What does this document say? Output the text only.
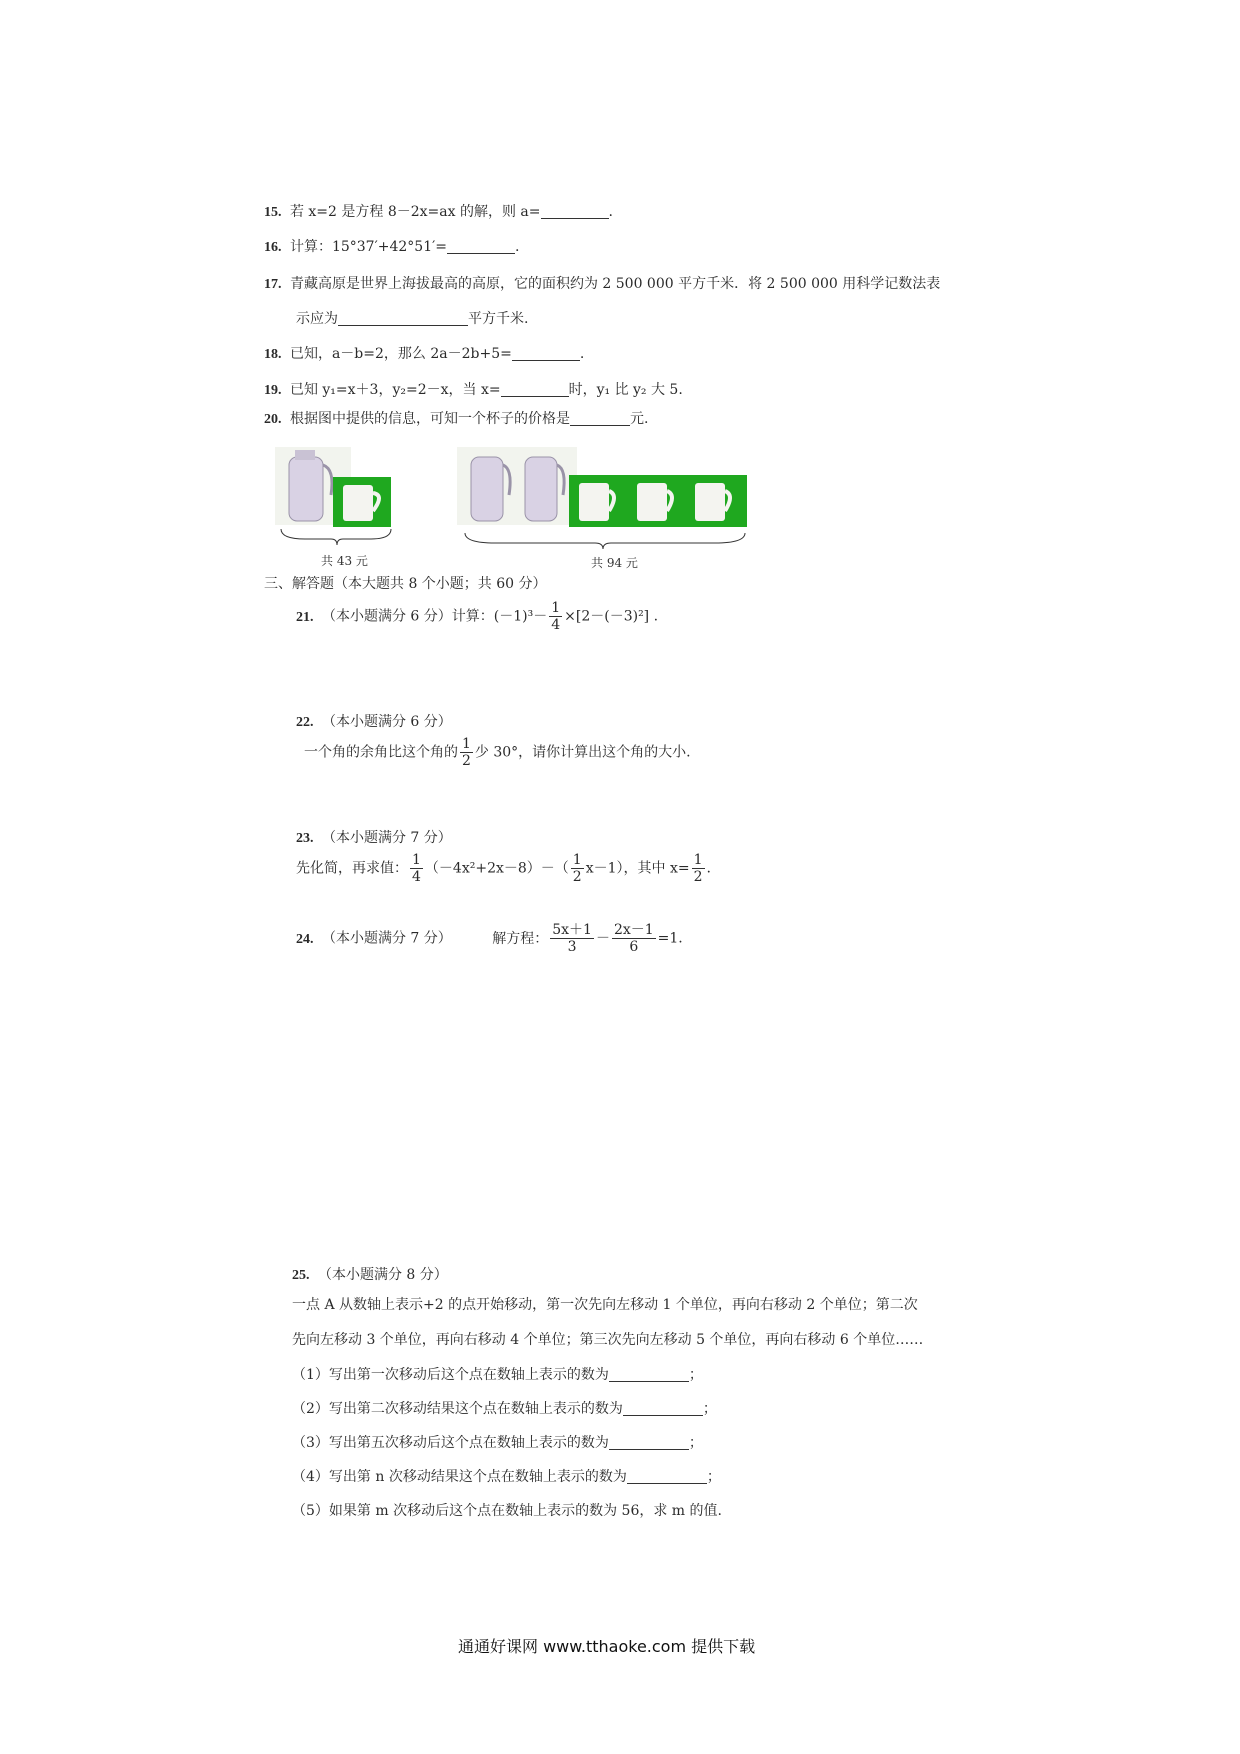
15. 若 x=2 是方程 8－2x=ax 的解，则 a=	.
16. 计算：15°37′+42°51′=	.
17. 青藏高原是世界上海拔最高的高原，它的面积约为 2 500 000 平方千米．将 2 500 000 用科学记数法表
示应为	平方千米.
18. 已知，a－b=2，那么 2a－2b+5=	.
19. 已知 y₁=x＋3，y₂=2－x，当 x=	时，y₁ 比 y₂ 大 5.
20. 根据图中提供的信息，可知一个杯子的价格是	元.
共 43 元	共 94 元
三、解答题（本大题共 8 个小题；共 60 分）
21. （本小题满分 6 分）计算：$(-1)^3- \frac{1}{4} \times[2-(-3)^2]$ .
22. （本小题满分 6 分）
一个角的余角比这个角的 $\frac{1}{2}$ 少 30°，请你计算出这个角的大小.
23. （本小题满分 7 分）
先化简，再求值： $\frac{1}{4} (-4x^2+2x-8)-( \frac{1}{2} x-1)$，其中 $x= \frac{1}{2}$ .
24. （本小题满分 7 分）	解方程： $\frac{5x+1}{3} - \frac{2x-1}{6} =1$.
25. （本小题满分 8 分）
一点 A 从数轴上表示+2 的点开始移动，第一次先向左移动 1 个单位，再向右移动 2 个单位；第二次
先向左移动 3 个单位，再向右移动 4 个单位；第三次先向左移动 5 个单位，再向右移动 6 个单位……
（1）写出第一次移动后这个点在数轴上表示的数为	；
（2）写出第二次移动结果这个点在数轴上表示的数为	；
（3）写出第五次移动后这个点在数轴上表示的数为	；
（4）写出第 n 次移动结果这个点在数轴上表示的数为	；
（5）如果第 m 次移动后这个点在数轴上表示的数为 56，求 m 的值.
通通好课网 www.tthaoke.com 提供下载
